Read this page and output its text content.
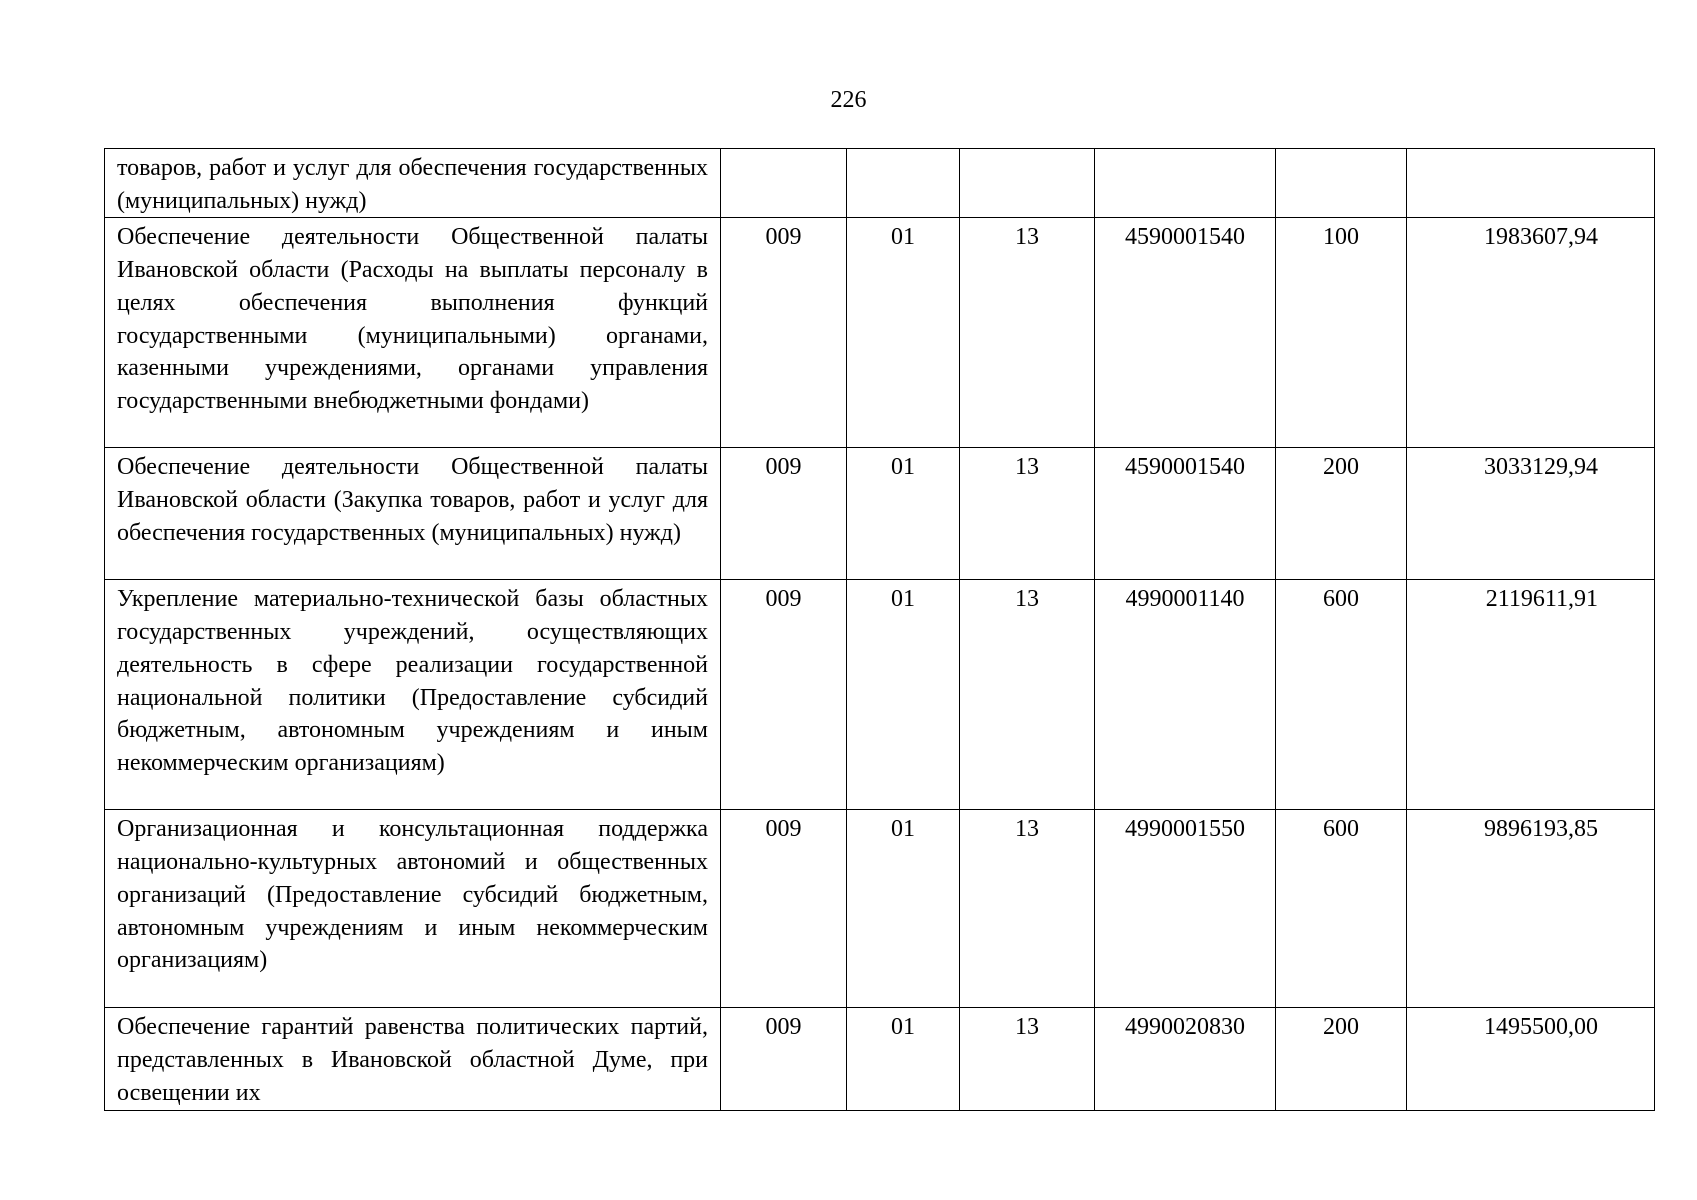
226
товаров, работ и услуг для обеспечения государственных (муниципальных) нужд)						
Обеспечение деятельности Общественной палаты Ивановской области (Расходы на выплаты персоналу в целях обеспечения выполнения функций государственными (муниципальными) органами, казенными учреждениями, органами управления государственными внебюджетными фондами)	009	01	13	4590001540	100	1983607,94
Обеспечение деятельности Общественной палаты Ивановской области (Закупка товаров, работ и услуг для обеспечения государственных (муниципальных) нужд)	009	01	13	4590001540	200	3033129,94
Укрепление материально-технической базы областных государственных учреждений, осуществляющих деятельность в сфере реализации государственной национальной политики (Предоставление субсидий бюджетным, автономным учреждениям и иным некоммерческим организациям)	009	01	13	4990001140	600	2119611,91
Организационная и консультационная поддержка национально-культурных автономий и общественных организаций (Предоставление субсидий бюджетным, автономным учреждениям и иным некоммерческим организациям)	009	01	13	4990001550	600	9896193,85
Обеспечение гарантий равенства политических партий, представленных в Ивановской областной Думе, при освещении их	009	01	13	4990020830	200	1495500,00
